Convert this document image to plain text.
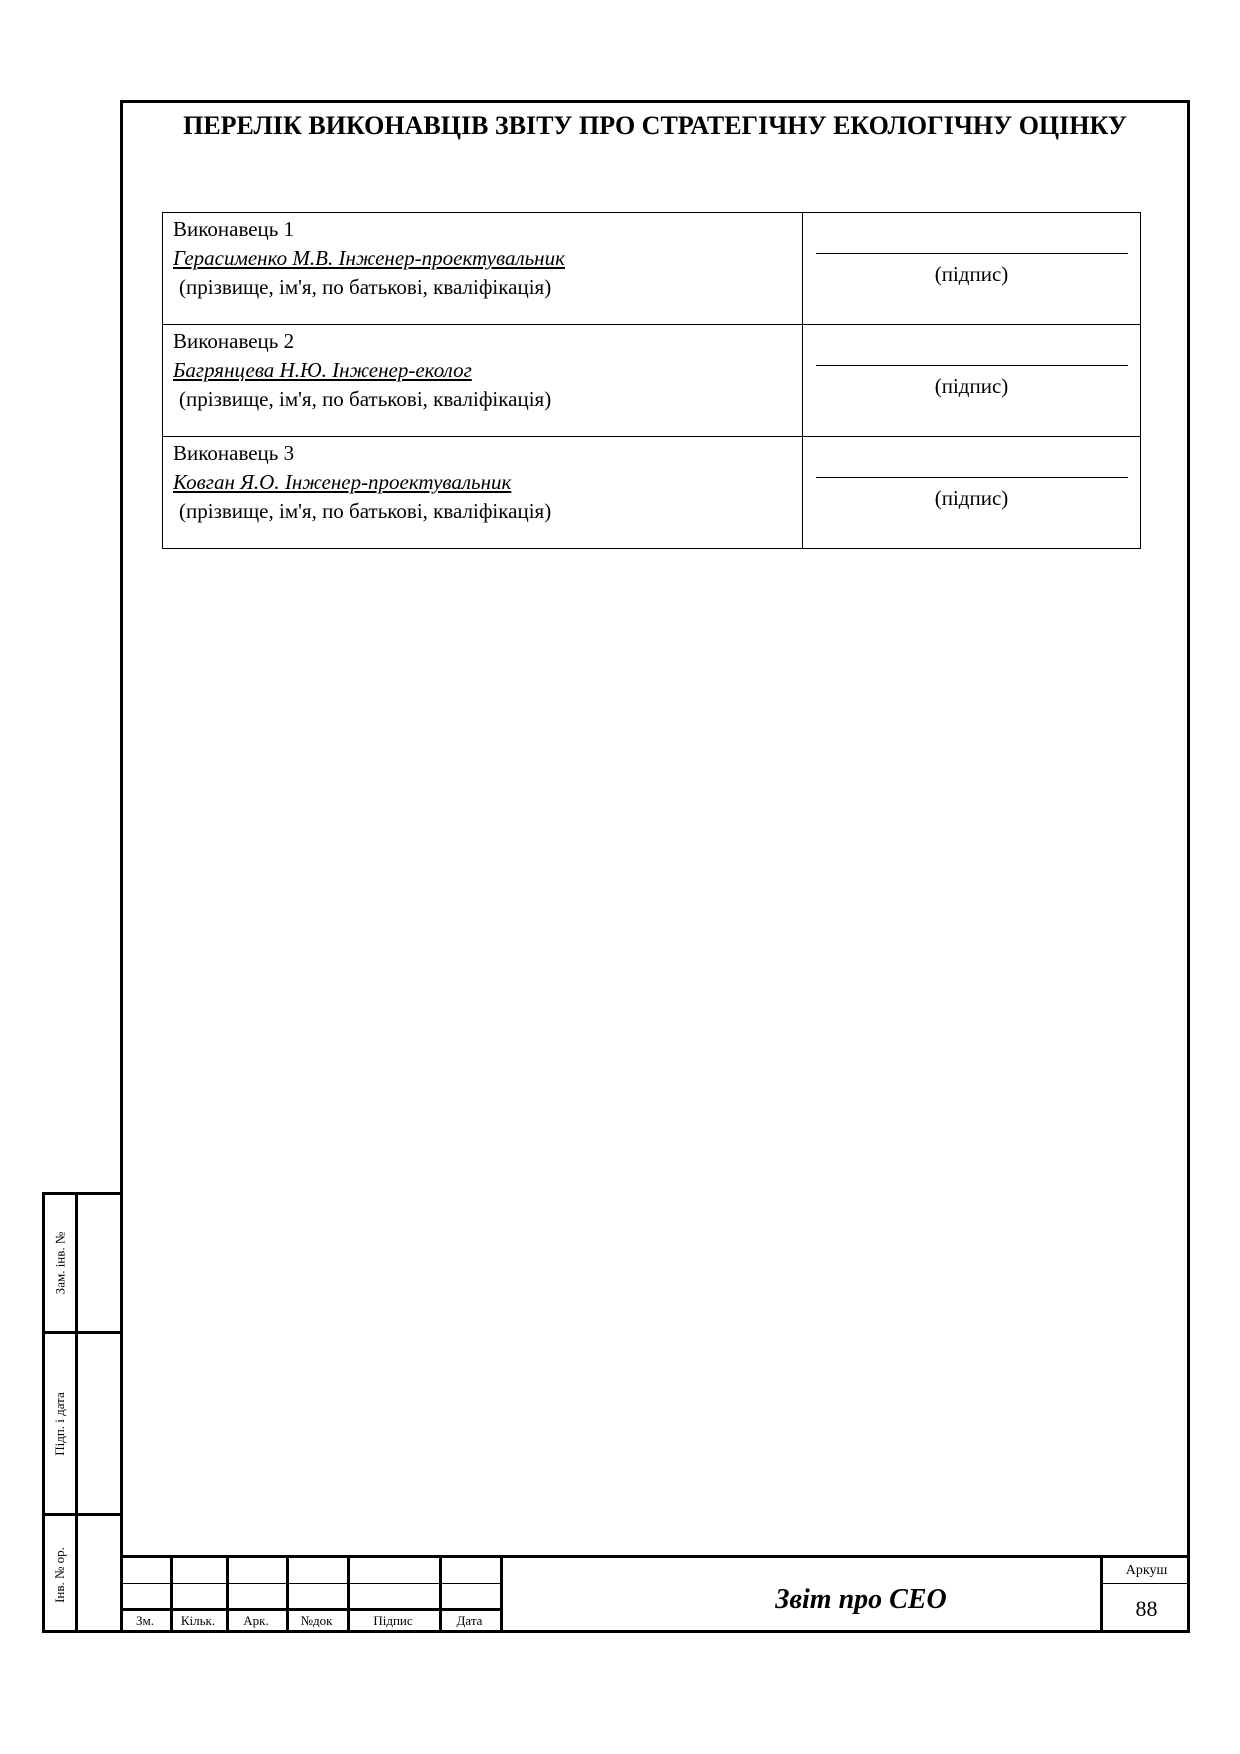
ПЕРЕЛІК ВИКОНАВЦІВ ЗВІТУ ПРО СТРАТЕГІЧНУ ЕКОЛОГІЧНУ ОЦІНКУ
Виконавець 1
Герасименко М.В. Інженер-проектувальник
(прізвище, ім'я, по батькові, кваліфікація)	(підпис)

Виконавець 2
Багрянцева Н.Ю. Інженер-еколог
(прізвище, ім'я, по батькові, кваліфікація)	(підпис)

Виконавець 3
Ковган Я.О. Інженер-проектувальник
(прізвище, ім'я, по батькові, кваліфікація)	(підпис)
Зам. інв. №
Підп. і дата
Інв. № ор.
Зм.	Кільк.	Арк.	№док	Підпис	Дата
Звіт про СЕО
Аркуш
88
